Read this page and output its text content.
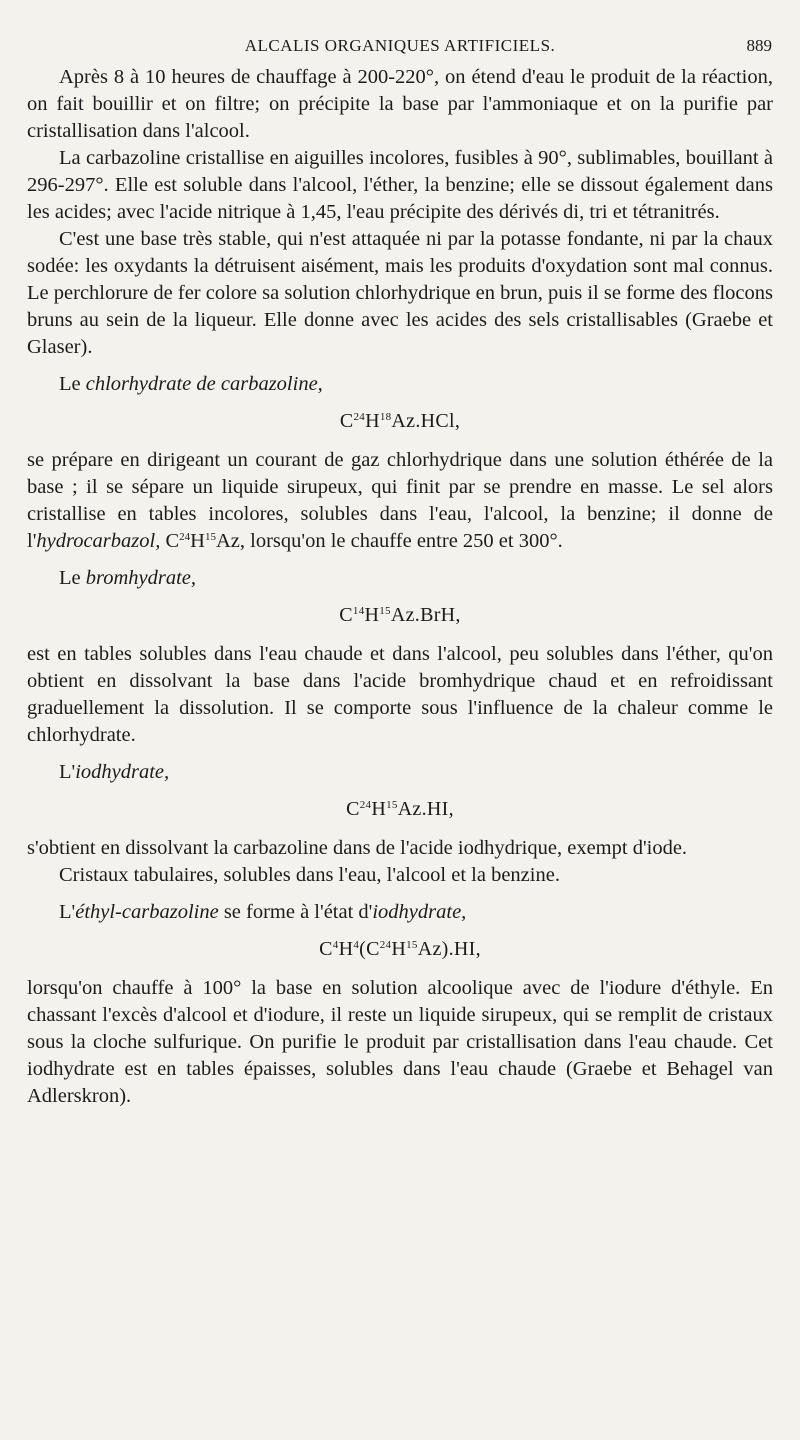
ALCALIS ORGANIQUES ARTIFICIELS.	889

Après 8 à 10 heures de chauffage à 200-220°, on étend d'eau le produit de la réaction, on fait bouillir et on filtre; on précipite la base par l'ammoniaque et on la purifie par cristallisation dans l'alcool.

La carbazoline cristallise en aiguilles incolores, fusibles à 90°, sublimables, bouillant à 296-297°. Elle est soluble dans l'alcool, l'éther, la benzine; elle se dissout également dans les acides; avec l'acide nitrique à 1,45, l'eau précipite des dérivés di, tri et tétranitrés.

C'est une base très stable, qui n'est attaquée ni par la potasse fondante, ni par la chaux sodée: les oxydants la détruisent aisément, mais les produits d'oxydation sont mal connus. Le perchlorure de fer colore sa solution chlorhydrique en brun, puis il se forme des flocons bruns au sein de la liqueur. Elle donne avec les acides des sels cristallisables (Graebe et Glaser).

Le chlorhydrate de carbazoline,

$C^{24}H^{18}Az.HCl$,

se prépare en dirigeant un courant de gaz chlorhydrique dans une solution éthérée de la base ; il se sépare un liquide sirupeux, qui finit par se prendre en masse. Le sel alors cristallise en tables incolores, solubles dans l'eau, l'alcool, la benzine; il donne de l'hydrocarbazol, $C^{24}H^{15}Az$, lorsqu'on le chauffe entre 250 et 300°.

Le bromhydrate,

$C^{14}H^{15}Az.BrH$,

est en tables solubles dans l'eau chaude et dans l'alcool, peu solubles dans l'éther, qu'on obtient en dissolvant la base dans l'acide bromhydrique chaud et en refroidissant graduellement la dissolution. Il se comporte sous l'influence de la chaleur comme le chlorhydrate.

L'iodhydrate,

$C^{24}H^{15}Az.HI$,

s'obtient en dissolvant la carbazoline dans de l'acide iodhydrique, exempt d'iode.

Cristaux tabulaires, solubles dans l'eau, l'alcool et la benzine.

L'éthyl-carbazoline se forme à l'état d'iodhydrate,

$C^4H^4(C^{24}H^{15}Az).HI$,

lorsqu'on chauffe à 100° la base en solution alcoolique avec de l'iodure d'éthyle. En chassant l'excès d'alcool et d'iodure, il reste un liquide sirupeux, qui se remplit de cristaux sous la cloche sulfurique. On purifie le produit par cristallisation dans l'eau chaude. Cet iodhydrate est en tables épaisses, solubles dans l'eau chaude (Graebe et Behagel van Adlerskron).
